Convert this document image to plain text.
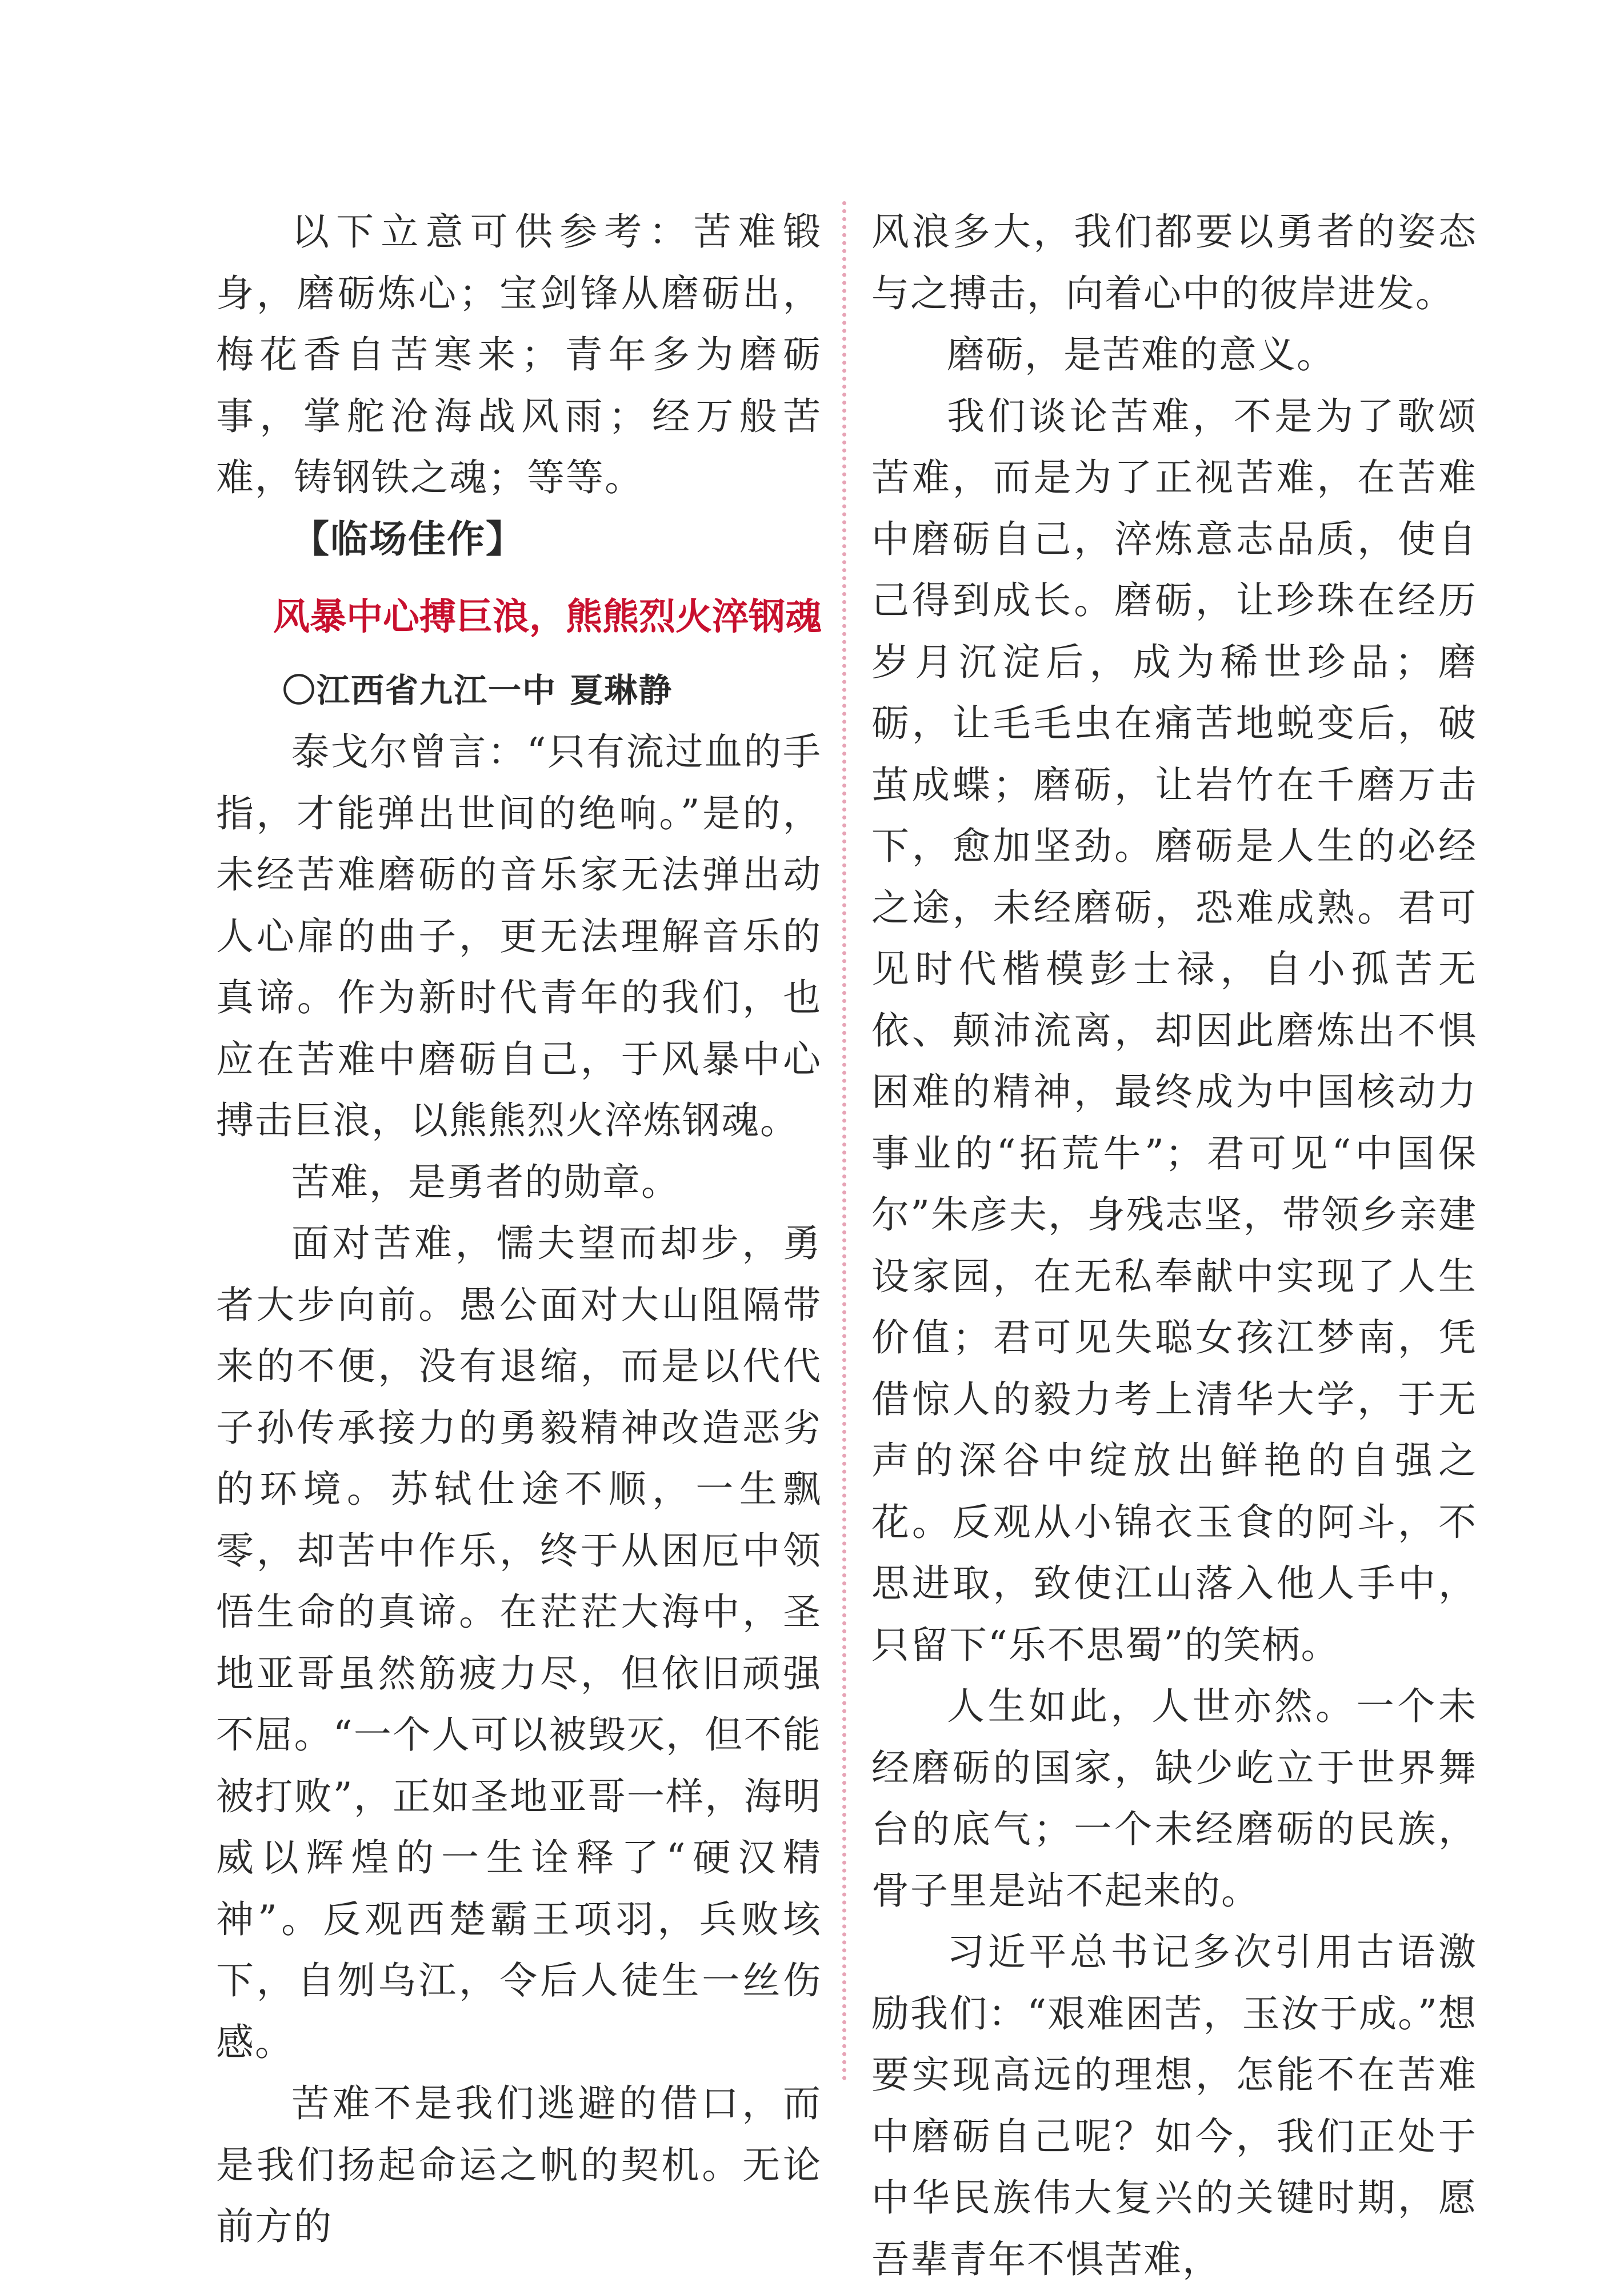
以下立意可供参考：苦难锻身，磨砺炼心；宝剑锋从磨砺出，梅花香自苦寒来；青年多为磨砺事，掌舵沧海战风雨；经万般苦难，铸钢铁之魂；等等。

【临场佳作】

风暴中心搏巨浪，熊熊烈火淬钢魂

〇江西省九江一中 夏琳静

泰戈尔曾言：“只有流过血的手指，才能弹出世间的绝响。”是的，未经苦难磨砺的音乐家无法弹出动人心扉的曲子，更无法理解音乐的真谛。作为新时代青年的我们，也应在苦难中磨砺自己，于风暴中心搏击巨浪，以熊熊烈火淬炼钢魂。

苦难，是勇者的勋章。

面对苦难，懦夫望而却步，勇者大步向前。愚公面对大山阻隔带来的不便，没有退缩，而是以代代子孙传承接力的勇毅精神改造恶劣的环境。苏轼仕途不顺，一生飘零，却苦中作乐，终于从困厄中领悟生命的真谛。在茫茫大海中，圣地亚哥虽然筋疲力尽，但依旧顽强不屈。“一个人可以被毁灭，但不能被打败”，正如圣地亚哥一样，海明威以辉煌的一生诠释了“硬汉精神”。反观西楚霸王项羽，兵败垓下，自刎乌江，令后人徒生一丝伤感。

苦难不是我们逃避的借口，而是我们扬起命运之帆的契机。无论前方的

风浪多大，我们都要以勇者的姿态与之搏击，向着心中的彼岸进发。

磨砺，是苦难的意义。

我们谈论苦难，不是为了歌颂苦难，而是为了正视苦难，在苦难中磨砺自己，淬炼意志品质，使自己得到成长。磨砺，让珍珠在经历岁月沉淀后，成为稀世珍品；磨砺，让毛毛虫在痛苦地蜕变后，破茧成蝶；磨砺，让岩竹在千磨万击下，愈加坚劲。磨砺是人生的必经之途，未经磨砺，恐难成熟。君可见时代楷模彭士禄，自小孤苦无依、颠沛流离，却因此磨炼出不惧困难的精神，最终成为中国核动力事业的“拓荒牛”；君可见“中国保尔”朱彦夫，身残志坚，带领乡亲建设家园，在无私奉献中实现了人生价值；君可见失聪女孩江梦南，凭借惊人的毅力考上清华大学，于无声的深谷中绽放出鲜艳的自强之花。反观从小锦衣玉食的阿斗，不思进取，致使江山落入他人手中，只留下“乐不思蜀”的笑柄。

人生如此，人世亦然。一个未经磨砺的国家，缺少屹立于世界舞台的底气；一个未经磨砺的民族，骨子里是站不起来的。

习近平总书记多次引用古语激励我们：“艰难困苦，玉汝于成。”想要实现高远的理想，怎能不在苦难中磨砺自己呢？如今，我们正处于中华民族伟大复兴的关键时期，愿吾辈青年不惧苦难，
